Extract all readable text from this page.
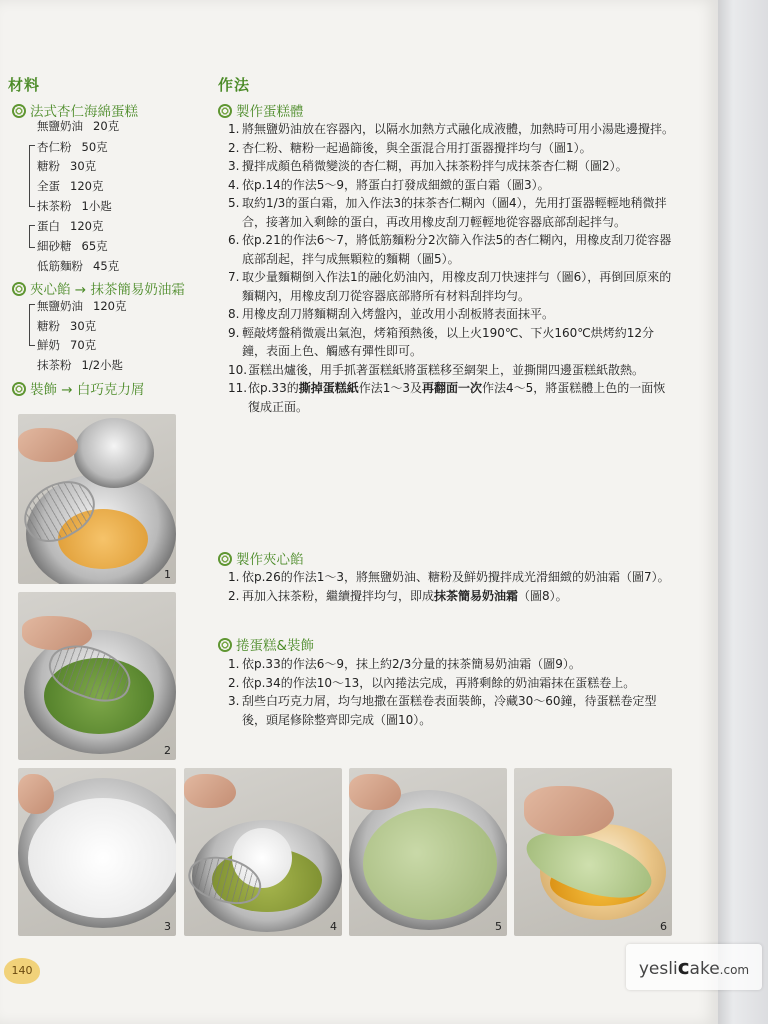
材料
法式杏仁海綿蛋糕
無鹽奶油 20克
杏仁粉 50克
糖粉 30克
全蛋 120克
抹茶粉 1小匙
蛋白 120克
細砂糖 65克
低筋麵粉 45克
夾心餡 → 抹茶簡易奶油霜
無鹽奶油 120克
糖粉 30克
鮮奶 70克
抹茶粉 1/2小匙
裝飾 → 白巧克力屑
作法
製作蛋糕體
1. 將無鹽奶油放在容器內，以隔水加熱方式融化成液體，加熱時可用小湯匙邊攪拌。
2. 杏仁粉、糖粉一起過篩後，與全蛋混合用打蛋器攪拌均勻（圖1）。
3. 攪拌成顏色稍微變淡的杏仁糊，再加入抹茶粉拌勻成抹茶杏仁糊（圖2）。
4. 依p.14的作法5～9，將蛋白打發成細緻的蛋白霜（圖3）。
5. 取約1/3的蛋白霜，加入作法3的抹茶杏仁糊內（圖4），先用打蛋器輕輕地稍微拌合，接著加入剩餘的蛋白，再改用橡皮刮刀輕輕地從容器底部刮起拌勻。
6. 依p.21的作法6～7，將低筋麵粉分2次篩入作法5的杏仁糊內，用橡皮刮刀從容器底部刮起，拌勻成無顆粒的麵糊（圖5）。
7. 取少量麵糊倒入作法1的融化奶油內，用橡皮刮刀快速拌勻（圖6），再倒回原來的麵糊內，用橡皮刮刀從容器底部將所有材料刮拌均勻。
8. 用橡皮刮刀將麵糊刮入烤盤內，並改用小刮板將表面抹平。
9. 輕敲烤盤稍微震出氣泡，烤箱預熱後，以上火190℃、下火160℃烘烤約12分鐘，表面上色、觸感有彈性即可。
10. 蛋糕出爐後，用手抓著蛋糕紙將蛋糕移至網架上，並撕開四邊蛋糕紙散熱。
11. 依p.33的撕掉蛋糕紙作法1～3及再翻面一次作法4～5，將蛋糕體上色的一面恢復成正面。
製作夾心餡
1. 依p.26的作法1～3，將無鹽奶油、糖粉及鮮奶攪拌成光滑細緻的奶油霜（圖7）。
2. 再加入抹茶粉，繼續攪拌均勻，即成抹茶簡易奶油霜（圖8）。
捲蛋糕&裝飾
1. 依p.33的作法6～9，抹上約2/3分量的抹茶簡易奶油霜（圖9）。
2. 依p.34的作法10～13，以內捲法完成，再將剩餘的奶油霜抹在蛋糕卷上。
3. 刮些白巧克力屑，均勻地撒在蛋糕卷表面裝飾，冷藏30～60鐘，待蛋糕卷定型後，頭尾修除整齊即完成（圖10）。
1
2
3	4	5	6
140	yeslicake.com
